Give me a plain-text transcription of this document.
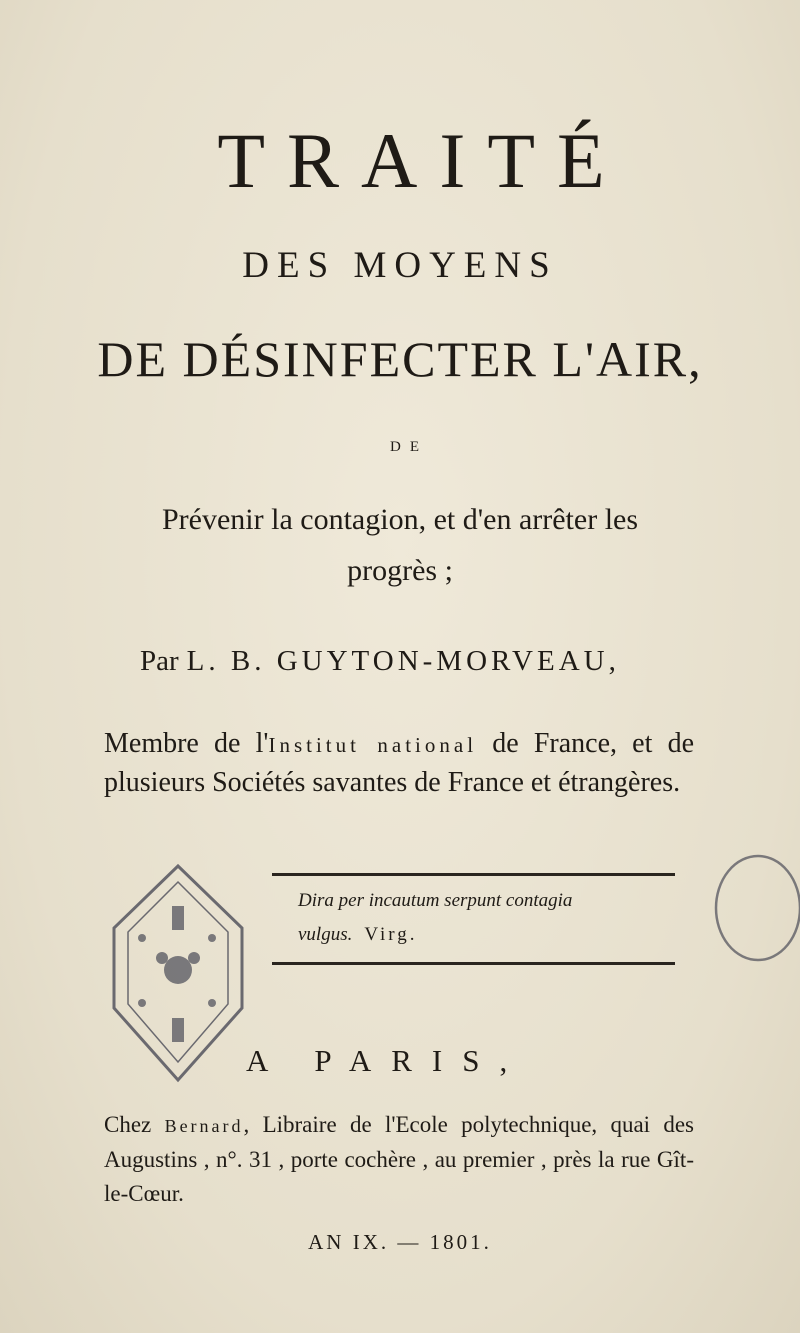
TRAITÉ
DES MOYENS
DE DÉSINFECTER L'AIR,
DE
Prévenir la contagion, et d'en arrêter les progrès ;
Par L. B. GUYTON-MORVEAU,
Membre de l'Institut national de France, et de plusieurs Sociétés savantes de France et étrangères.
Dira per incautum serpunt contagia vulgus. Virg.
A PARIS,
Chez Bernard, Libraire de l'Ecole polytechnique, quai des Augustins , n°. 31 , porte cochère , au premier , près la rue Gît-le-Cœur.
AN IX. — 1801.
